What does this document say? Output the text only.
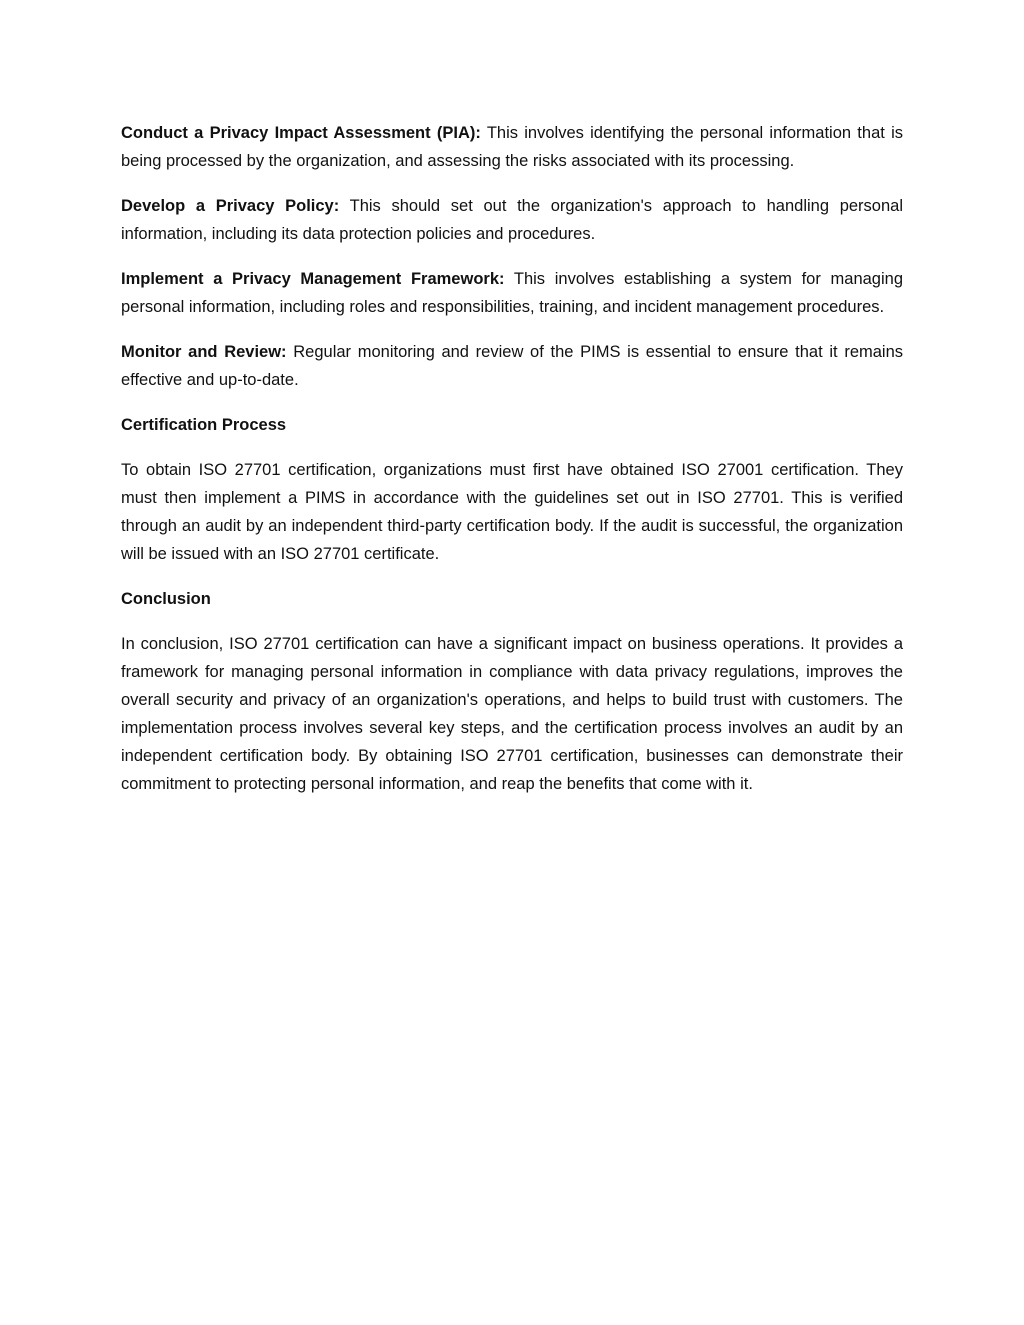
Conduct a Privacy Impact Assessment (PIA): This involves identifying the personal information that is being processed by the organization, and assessing the risks associated with its processing.

Develop a Privacy Policy: This should set out the organization's approach to handling personal information, including its data protection policies and procedures.

Implement a Privacy Management Framework: This involves establishing a system for managing personal information, including roles and responsibilities, training, and incident management procedures.

Monitor and Review: Regular monitoring and review of the PIMS is essential to ensure that it remains effective and up-to-date.

Certification Process

To obtain ISO 27701 certification, organizations must first have obtained ISO 27001 certification. They must then implement a PIMS in accordance with the guidelines set out in ISO 27701. This is verified through an audit by an independent third-party certification body. If the audit is successful, the organization will be issued with an ISO 27701 certificate.

Conclusion

In conclusion, ISO 27701 certification can have a significant impact on business operations. It provides a framework for managing personal information in compliance with data privacy regulations, improves the overall security and privacy of an organization's operations, and helps to build trust with customers. The implementation process involves several key steps, and the certification process involves an audit by an independent certification body. By obtaining ISO 27701 certification, businesses can demonstrate their commitment to protecting personal information, and reap the benefits that come with it.
